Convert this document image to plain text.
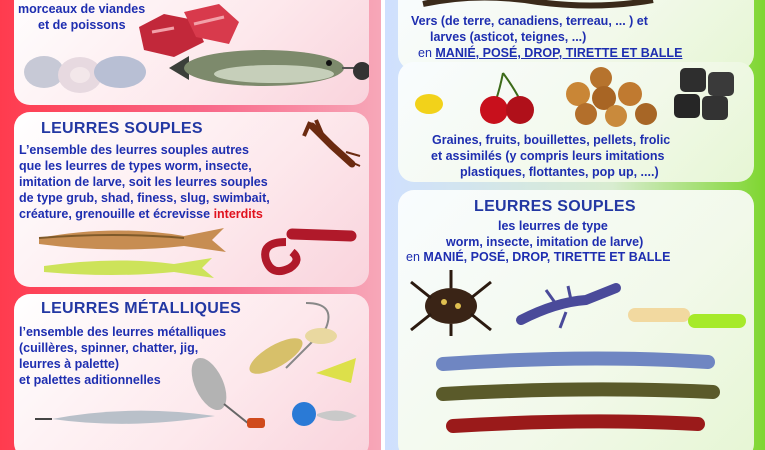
morceaux de viandes
et de poissons
LEURRES SOUPLES
L’ensemble des leurres souples autres
que les leurres de types worm, insecte,
imitation de larve, soit les leurres souples
de type grub, shad, finess, slug, swimbait,
créature, grenouille et écrevisse interdits
LEURRES MÉTALLIQUES
l’ensemble des leurres métalliques
(cuillères, spinner, chatter, jig,
leurres à palette)
et palettes aditionnelles
Vers (de terre, canadiens, terreau, ... ) et
larves (asticot, teignes, ...)
en MANIÉ, POSÉ, DROP, TIRETTE ET BALLE
Graines, fruits, bouillettes, pellets, frolic
et assimilés (y compris leurs imitations
plastiques, flottantes, pop up, ....)
LEURRES SOUPLES
les leurres de type
worm, insecte, imitation de larve)
en MANIÉ, POSÉ, DROP, TIRETTE ET BALLE
